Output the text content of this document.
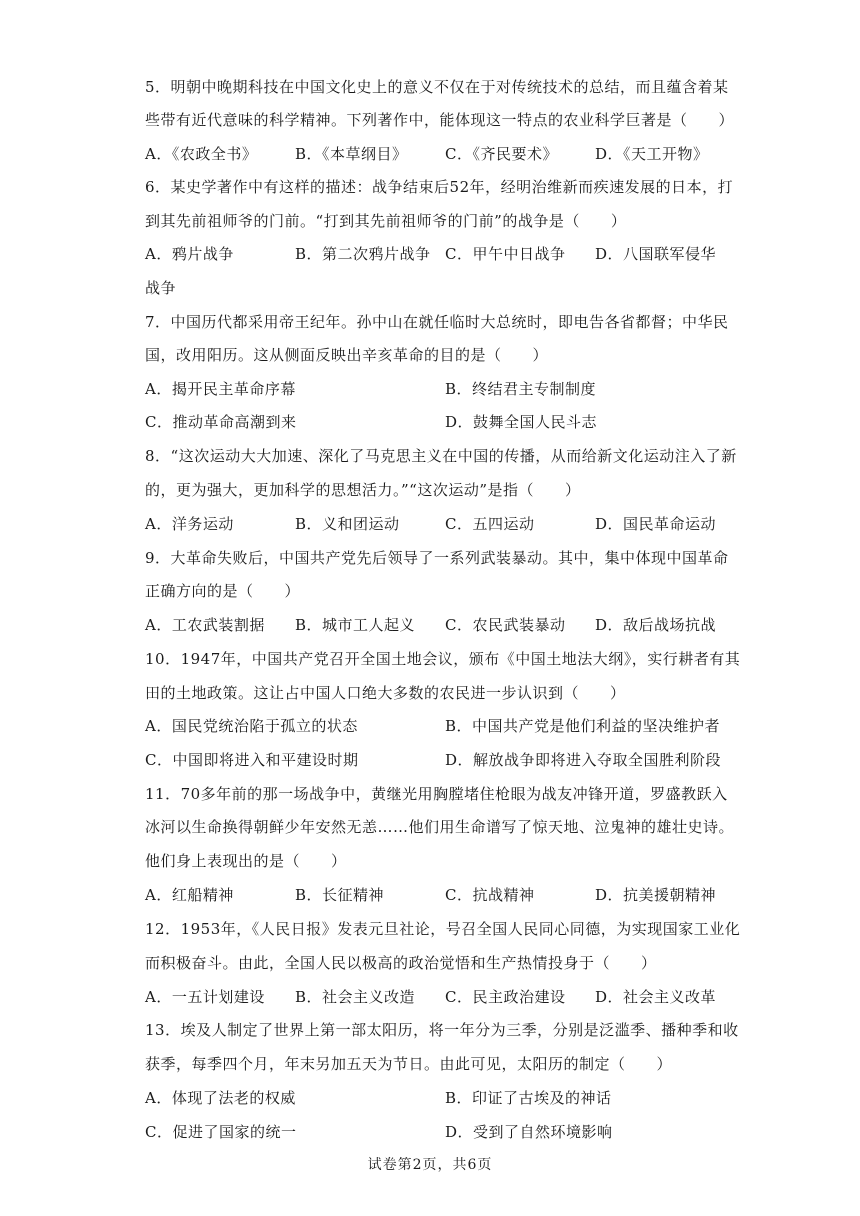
5．明朝中晚期科技在中国文化史上的意义不仅在于对传统技术的总结，而且蕴含着某
些带有近代意味的科学精神。下列著作中，能体现这一特点的农业科学巨著是（　　）
A．《农政全书》	B．《本草纲目》 C．《齐民要术》 D．《天工开物》
6．某史学著作中有这样的描述：战争结束后52年，经明治维新而疾速发展的日本，打
到其先前祖师爷的门前。“打到其先前祖师爷的门前”的战争是（　　）
A．鸦片战争	B．第二次鸦片战争 C．甲午中日战争 D．八国联军侵华
战争
7．中国历代都采用帝王纪年。孙中山在就任临时大总统时，即电告各省都督；中华民
国，改用阳历。这从侧面反映出辛亥革命的目的是（　　）
A．揭开民主革命序幕	B．终结君主专制制度
C．推动革命高潮到来	D．鼓舞全国人民斗志
8．“这次运动大大加速、深化了马克思主义在中国的传播，从而给新文化运动注入了新
的，更为强大，更加科学的思想活力。”“这次运动”是指（　　）
A．洋务运动	B．义和团运动	C．五四运动	D．国民革命运动
9．大革命失败后，中国共产党先后领导了一系列武装暴动。其中，集中体现中国革命
正确方向的是（　　）
A．工农武装割据 B．城市工人起义 C．农民武装暴动 D．敌后战场抗战
10．1947年，中国共产党召开全国土地会议，颁布《中国土地法大纲》，实行耕者有其
田的土地政策。这让占中国人口绝大多数的农民进一步认识到（　　）
A．国民党统治陷于孤立的状态	B．中国共产党是他们利益的坚决维护者
C．中国即将进入和平建设时期	D．解放战争即将进入夺取全国胜利阶段
11．70多年前的那一场战争中，黄继光用胸膛堵住枪眼为战友冲锋开道，罗盛教跃入
冰河以生命换得朝鲜少年安然无恙……他们用生命谱写了惊天地、泣鬼神的雄壮史诗。
他们身上表现出的是（　　）
A．红船精神	B．长征精神	C．抗战精神	D．抗美援朝精神
12．1953年，《人民日报》发表元旦社论，号召全国人民同心同德，为实现国家工业化
而积极奋斗。由此，全国人民以极高的政治觉悟和生产热情投身于（　　）
A．一五计划建设 B．社会主义改造 C．民主政治建设 D．社会主义改革
13．埃及人制定了世界上第一部太阳历，将一年分为三季，分别是泛滥季、播种季和收
获季，每季四个月，年末另加五天为节日。由此可见，太阳历的制定（　　）
A．体现了法老的权威	B．印证了古埃及的神话
C．促进了国家的统一	D．受到了自然环境影响
试卷第2页，共6页
